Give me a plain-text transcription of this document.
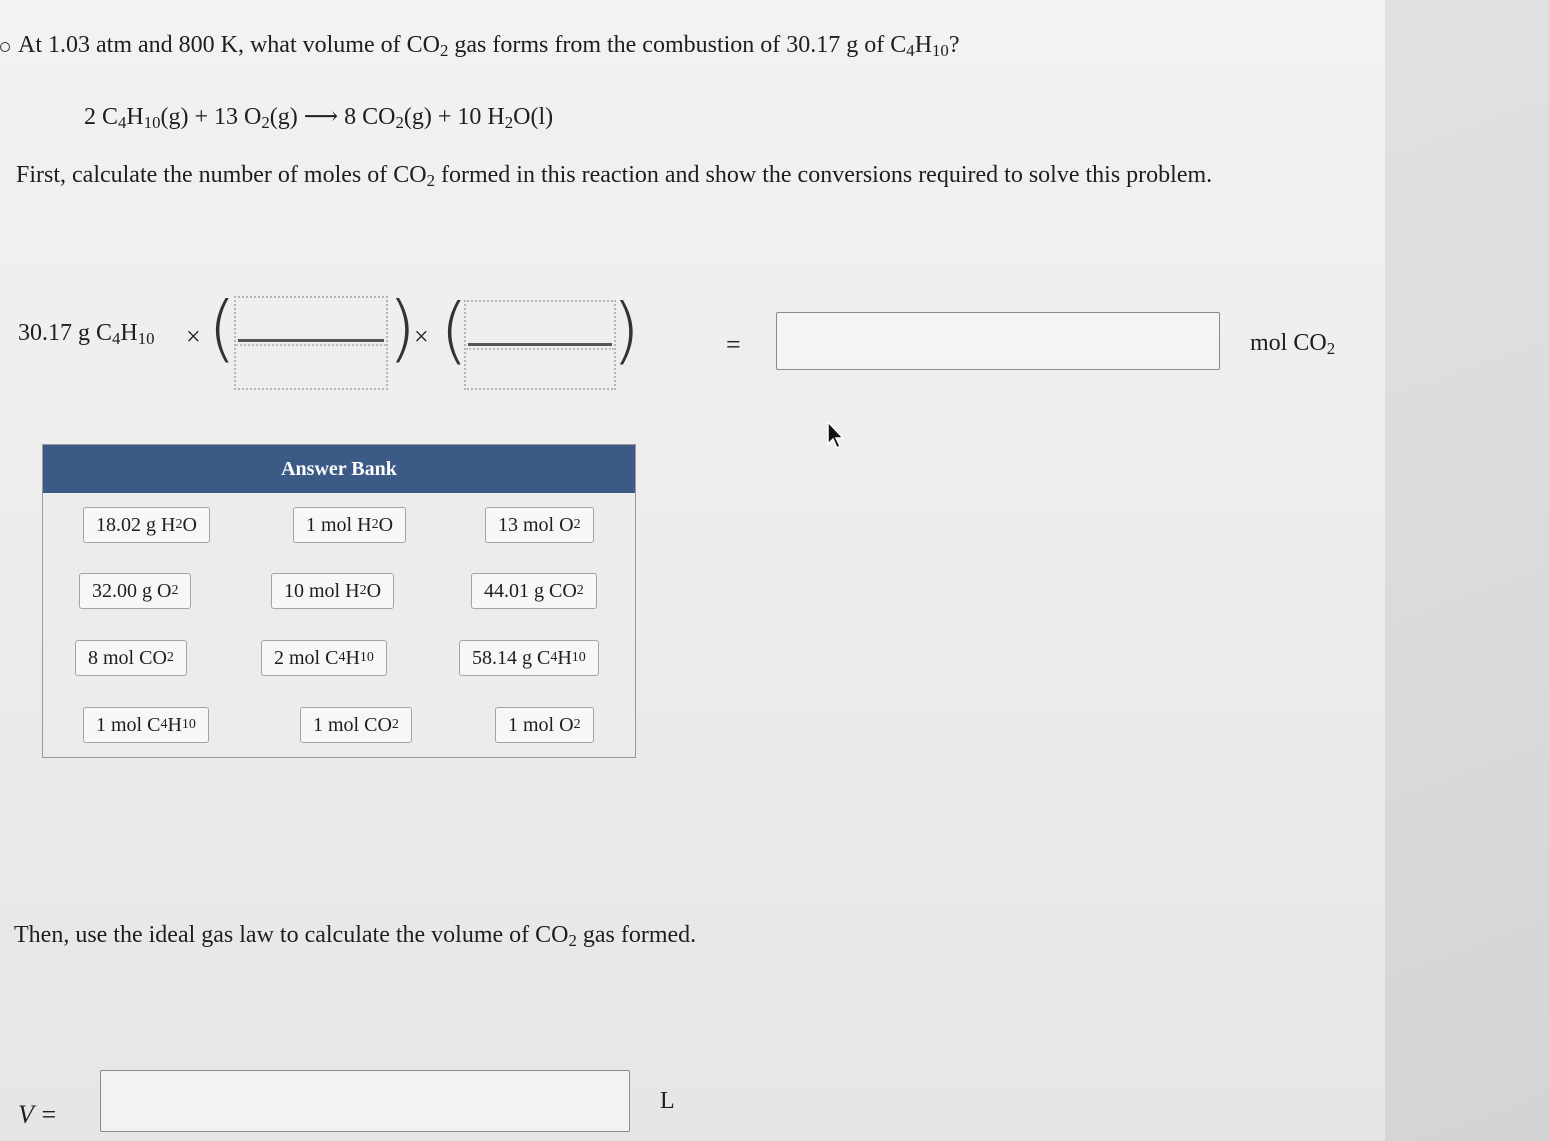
At 1.03 atm and 800 K, what volume of $CO_2$ gas forms from the combustion of 30.17 g of $C_4H_{10}$?
2 $C_4H_{10}(g) + 13$ $O_2(g)$ ⟶ 8 $CO_2(g) + 10$ $H_2O(l)$
First, calculate the number of moles of $CO_2$ formed in this reaction and show the conversions required to solve this problem.
30.17 g $C_4H_{10}$ × ( )
× ( )	=	mol $CO_2$
Answer Bank
18.02 g H 2 O	1 mol H 2 O	13 mol O 2
32.00 g O 2	10 mol H 2 O	44.01 g CO 2
8 mol CO 2	2 mol C 4 H 10	58.14 g C 4 H 10
1 mol C 4 H 10	1 mol CO 2	1 mol O 2
Then, use the ideal gas law to calculate the volume of $CO_2$ gas formed.
V =	L
